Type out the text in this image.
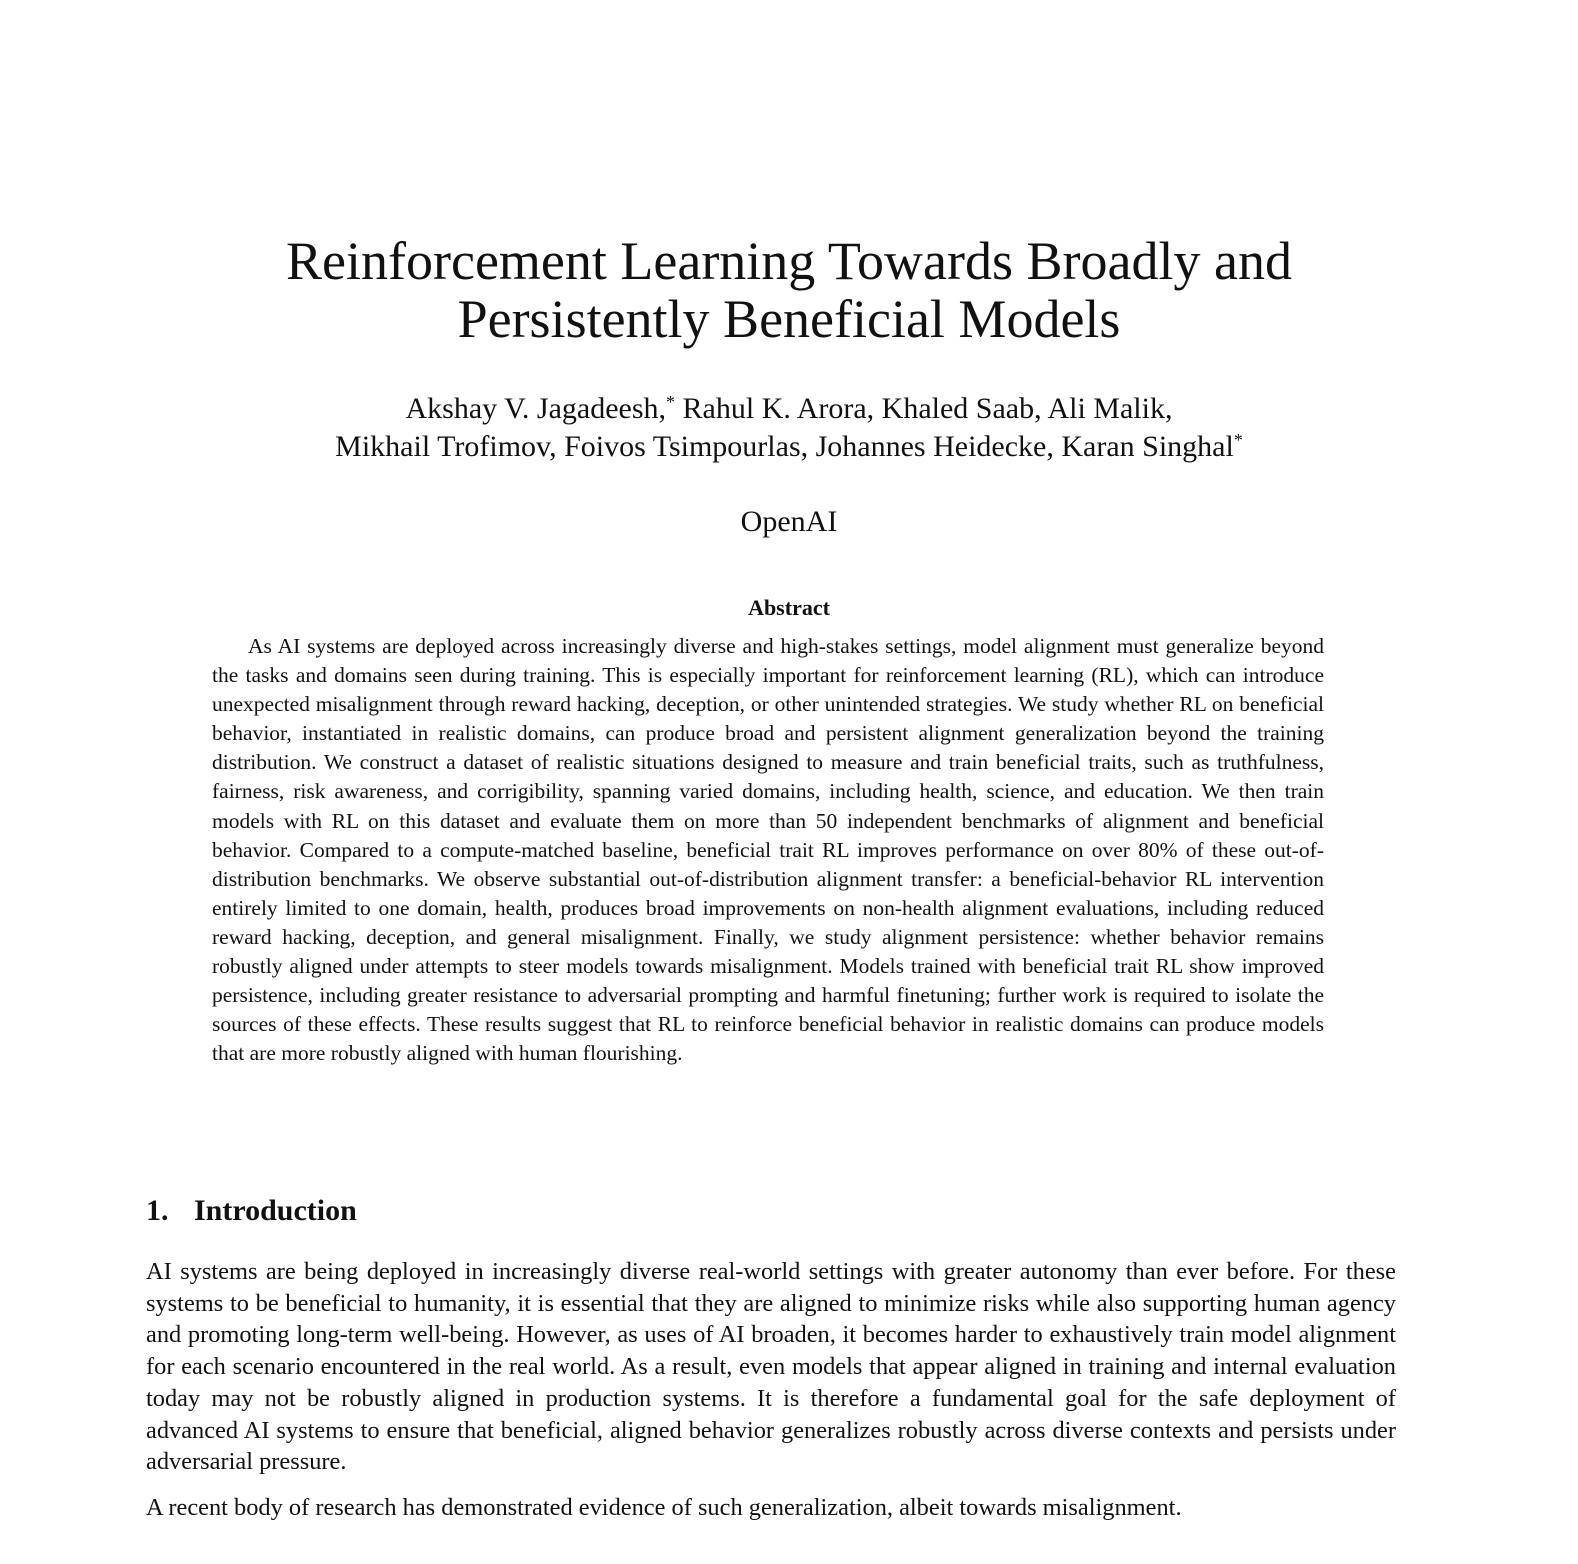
Reinforcement Learning Towards Broadly and
Persistently Beneficial Models
Akshay V. Jagadeesh,* Rahul K. Arora, Khaled Saab, Ali Malik,
Mikhail Trofimov, Foivos Tsimpourlas, Johannes Heidecke, Karan Singhal*
OpenAI
Abstract
As AI systems are deployed across increasingly diverse and high-stakes settings, model alignment must generalize beyond the tasks and domains seen during training. This is especially important for reinforcement learning (RL), which can introduce unexpected misalignment through reward hacking, deception, or other unintended strategies. We study whether RL on beneficial behavior, instantiated in realistic domains, can produce broad and persistent alignment generalization beyond the training distribution. We construct a dataset of realistic situations designed to measure and train beneficial traits, such as truthfulness, fairness, risk awareness, and corrigibility, spanning varied domains, including health, science, and education. We then train models with RL on this dataset and evaluate them on more than 50 independent benchmarks of alignment and beneficial behavior. Compared to a compute-matched baseline, beneficial trait RL improves performance on over 80% of these out-of-distribution benchmarks. We observe substantial out-of-distribution alignment transfer: a beneficial-behavior RL intervention entirely limited to one domain, health, produces broad improvements on non-health alignment evaluations, including reduced reward hacking, deception, and general misalignment. Finally, we study alignment persistence: whether behavior remains robustly aligned under attempts to steer models towards misalignment. Models trained with beneficial trait RL show improved persistence, including greater resistance to adversarial prompting and harmful finetuning; further work is required to isolate the sources of these effects. These results suggest that RL to reinforce beneficial behavior in realistic domains can produce models that are more robustly aligned with human flourishing.
1. Introduction

AI systems are being deployed in increasingly diverse real-world settings with greater autonomy than ever before. For these systems to be beneficial to humanity, it is essential that they are aligned to minimize risks while also supporting human agency and promoting long-term well-being. However, as uses of AI broaden, it becomes harder to exhaustively train model alignment for each scenario encountered in the real world. As a result, even models that appear aligned in training and internal evaluation today may not be robustly aligned in production systems. It is therefore a fundamental goal for the safe deployment of advanced AI systems to ensure that beneficial, aligned behavior generalizes robustly across diverse contexts and persists under adversarial pressure.

A recent body of research has demonstrated evidence of such generalization, albeit towards misalignment.
